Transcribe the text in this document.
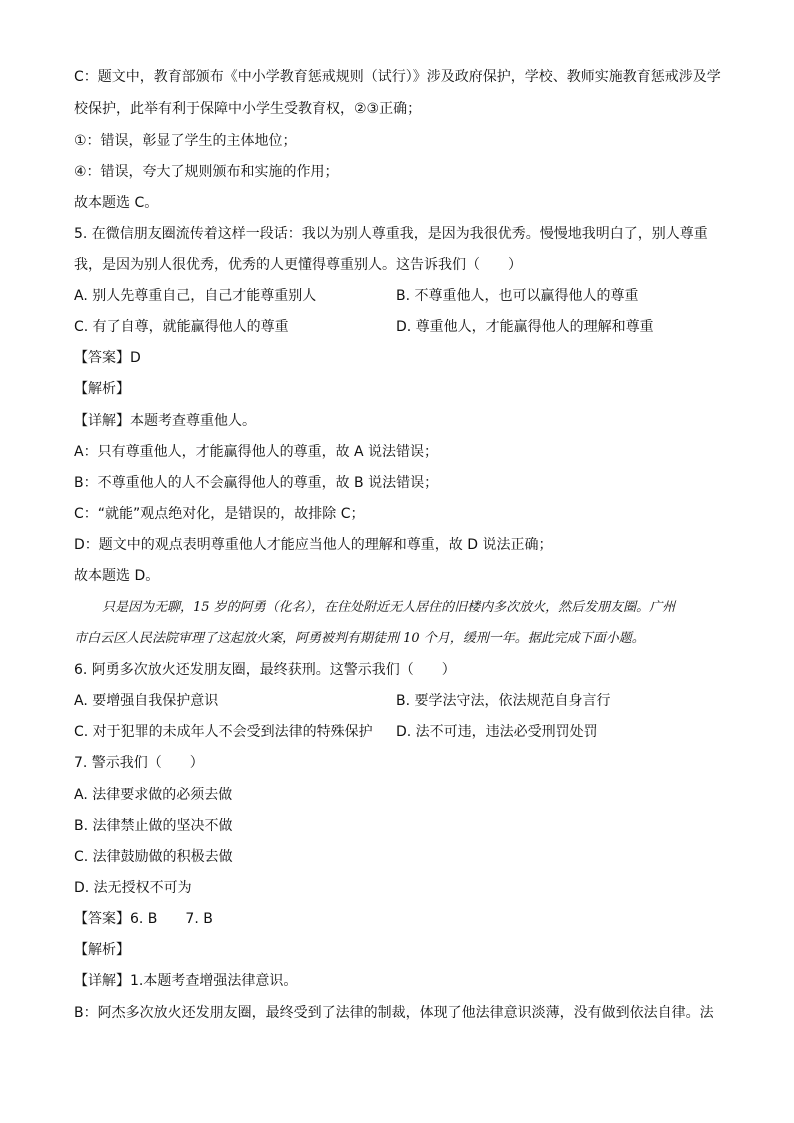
C：题文中，教育部颁布《中小学教育惩戒规则（试行）》涉及政府保护，学校、教师实施教育惩戒涉及学
校保护，此举有利于保障中小学生受教育权，②③正确；
①：错误，彰显了学生的主体地位；
④：错误，夸大了规则颁布和实施的作用；
故本题选 C。
5. 在微信朋友圈流传着这样一段话：我以为别人尊重我，是因为我很优秀。慢慢地我明白了，别人尊重
我，是因为别人很优秀，优秀的人更懂得尊重别人。这告诉我们（　　）
A. 别人先尊重自己，自己才能尊重别人	B. 不尊重他人，也可以赢得他人的尊重
C. 有了自尊，就能赢得他人的尊重	D. 尊重他人，才能赢得他人的理解和尊重
【答案】D
【解析】
【详解】本题考查尊重他人。
A：只有尊重他人，才能赢得他人的尊重，故 A 说法错误；
B：不尊重他人的人不会赢得他人的尊重，故 B 说法错误；
C：“就能”观点绝对化，是错误的，故排除 C；
D：题文中的观点表明尊重他人才能应当他人的理解和尊重，故 D 说法正确；
故本题选 D。
只是因为无聊，15 岁的阿勇（化名），在住处附近无人居住的旧楼内多次放火，然后发朋友圈。广州
市白云区人民法院审理了这起放火案，阿勇被判有期徒刑 10 个月，缓刑一年。据此完成下面小题。
6. 阿勇多次放火还发朋友圈，最终获刑。这警示我们（　　）
A. 要增强自我保护意识	B. 要学法守法，依法规范自身言行
C. 对于犯罪的未成年人不会受到法律的特殊保护 D. 法不可违，违法必受刑罚处罚
7. 警示我们（　　）
A. 法律要求做的必须去做
B. 法律禁止做的坚决不做
C. 法律鼓励做的积极去做
D. 法无授权不可为
【答案】6. B　　7. B
【解析】
【详解】1.本题考查增强法律意识。
B：阿杰多次放火还发朋友圈，最终受到了法律的制裁，体现了他法律意识淡薄，没有做到依法自律。法
